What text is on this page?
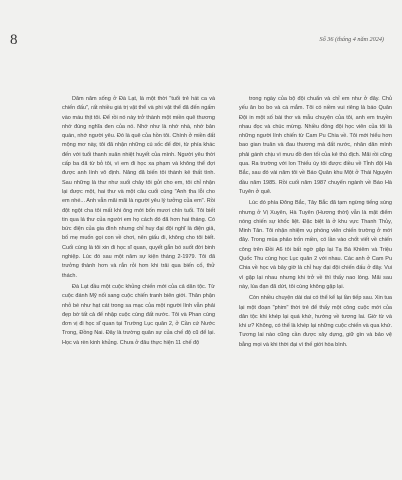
8	Số 36 (tháng 4 năm 2024)

Dăm năm sống ở Đà Lạt, là một thời "tuổi trẻ hát ca và chiến đấu", rất nhiều giá trị vật thể và phi vật thể đã đến ngấm vào máu thịt tôi. Để rồi nó này trở thành một miền quê thương nhớ đúng nghĩa đen của nó. Nhớ như là nhớ nhà, nhớ bản quán, nhớ người yêu. Đó là quê của hồn tôi. Chính ở miền đất mộng mơ này, tôi đã nhận những cú sốc để đời, từ phía khác đến với tuổi thanh xuân nhiệt huyết của mình. Người yêu thời cấp ba đã từ bỏ tôi, vì em đi học xa phạm và không thể đợi được anh lính vô định. Nâng đã biến tôi thành kẻ thất tình. Sau những là thư như suối chảy tôi gửi cho em, tôi chỉ nhận lại được một, hai thư và một câu cuối cùng "Anh tha lỗi cho em nhé... Anh vẫn mãi mãi là người yêu lý tưởng của em". Rồi đột ngột cha tôi mất khi ông mới bốn mươi chín tuổi. Tôi biết tin qua lá thư của người em họ cách đó đã hơn hai tháng. Có bức điện của gia đình nhưng chỉ huy đại đội nghĩ là điện giả, bố mẹ muốn gọi con về chơi, nên giấu đi, không cho tôi biết. Cuối cùng là tôi xin đi học sĩ quan, quyết gắn bó suốt đời binh nghiệp. Lúc đó sau một năm sự kiện tháng 2-1979. Tôi đã trưởng thành hơn và rắn rỏi hơn khi trải qua biến cố, thử thách.

Đà Lạt đầu một cuộc khủng chiến mới của cả dân tộc. Từ cuộc đánh Mỹ nối sang cuộc chiến tranh biên giới. Thân phận nhỏ bé như hạt cát trong sa mạc của một người lính vẫn phải đẹp bờ tất cả để nhập cuộc cùng đất nước. Tôi và Phan cùng đơn vị đi học sĩ quan tại Trường Lục quân 2, ở Cần cứ Nước Trong, Đồng Nai. Đây là trường quân sự của chế độ cũ để lại. Học và rèn kinh khủng. Chưa ở đâu thực hiện 11 chế độ

trong ngày của bộ đội chuẩn và chỉ em như ở đây. Chủ yếu ăn bo bo và cá mắm. Tôi có niềm vui riêng là báo Quân Đội in một số bài thơ và mẫu chuyện của tôi, anh em truyền nhau đọc và chúc mừng. Nhiều đồng đội học viên của tôi là những người lính chiến từ Cam Pu Chia về. Tôi mới hiểu hơn bao gian truân và đau thương mà đất nước, nhân dân mình phải gánh chịu vì mưu đồ đen tối của kẻ thù địch. Mãi rồi cũng qua. Ra trường với lon Thiếu úy tôi được điều về Tỉnh đội Hà Bắc, sau đó vài năm tôi về Báo Quân khu Một ở Thái Nguyên đầu năm 1985. Rồi cuối năm 1987 chuyển ngành về Báo Hà Tuyên ở quê.

Lúc đó phía Đông Bắc, Tây Bắc đã tạm ngừng tiếng súng nhưng ở Vị Xuyên, Hà Tuyên (Hương thời) vẫn là mặt điểm nóng chiến sự khốc liệt. Đặc biệt là ở khu vực Thanh Thủy, Minh Tân. Tôi nhận nhiệm vụ phóng viên chiến trường ở mới đây. Trong mùa phảo trốn miền, có lần vào chốt viết về chiến công trên Đồi A6 tôi bất ngờ gặp lại Tạ Bá Khiêm và Triệu Quốc Thu cùng học Lục quân 2 với nhau. Các anh ở Cam Pu Chia về học và bây giờ là chỉ huy đại đội chiến đấu ở đây. Vui vì gặp lại nhau nhưng khi trở về thì thấy nao lòng. Mãi sau này, lúa đạn đã dứt, tôi cùng không gặp lại.

Còn nhiều chuyện dài dai có thể kể lại lần tiếp sau. Xin tua lại một đoạn "phim" thời trẻ để thấy một công cuộc mới của dân tộc khi khép lại quá khứ, hướng về tương lai. Giờ từ và khi ư? Không, có thể là khép lại những cuộc chiến và qua khứ. Tương lai nào cũng cần được xây dựng, giữ gìn và bảo vệ bằng mọi và khi thời đại vì thế giới hòa bình.
